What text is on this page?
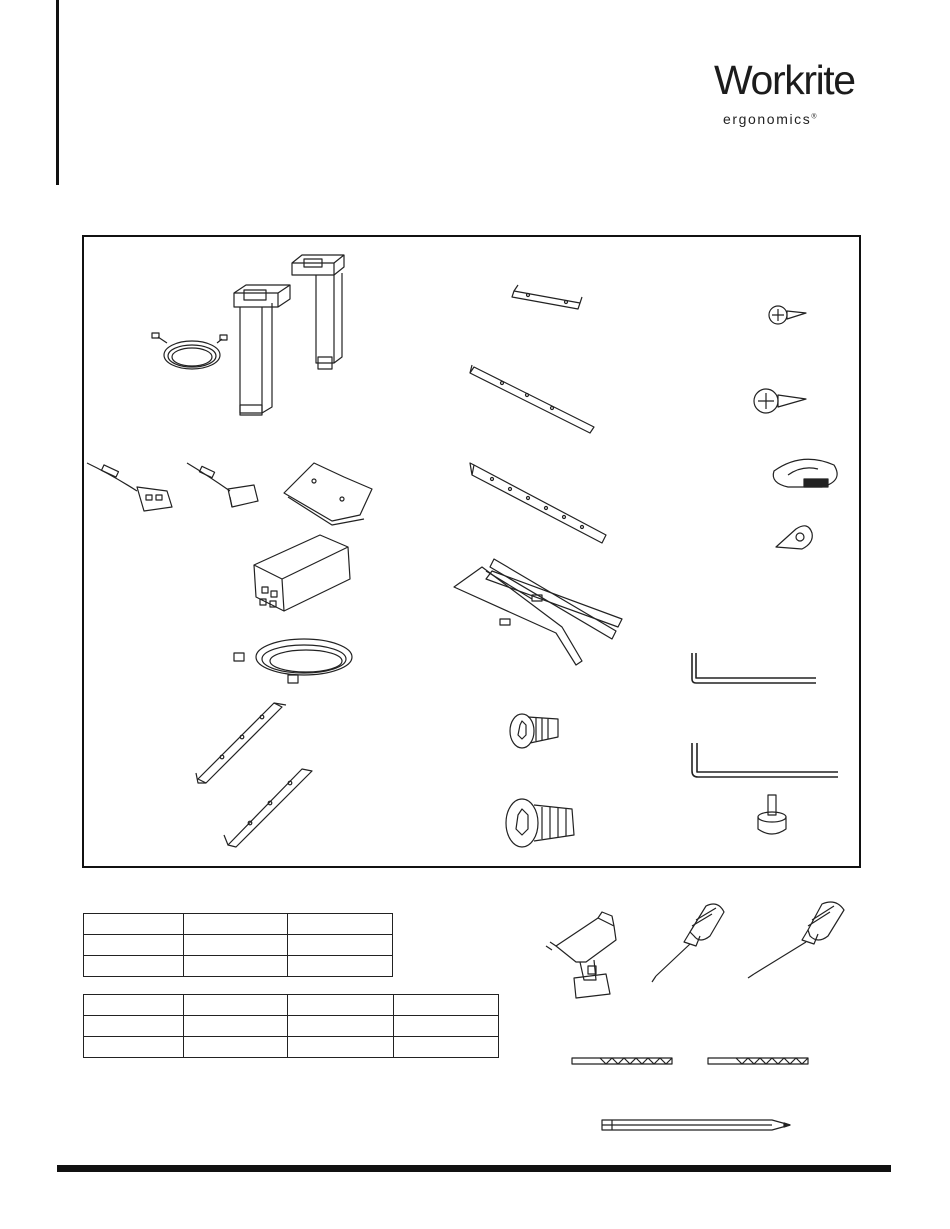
Workrite
ergonomics®
